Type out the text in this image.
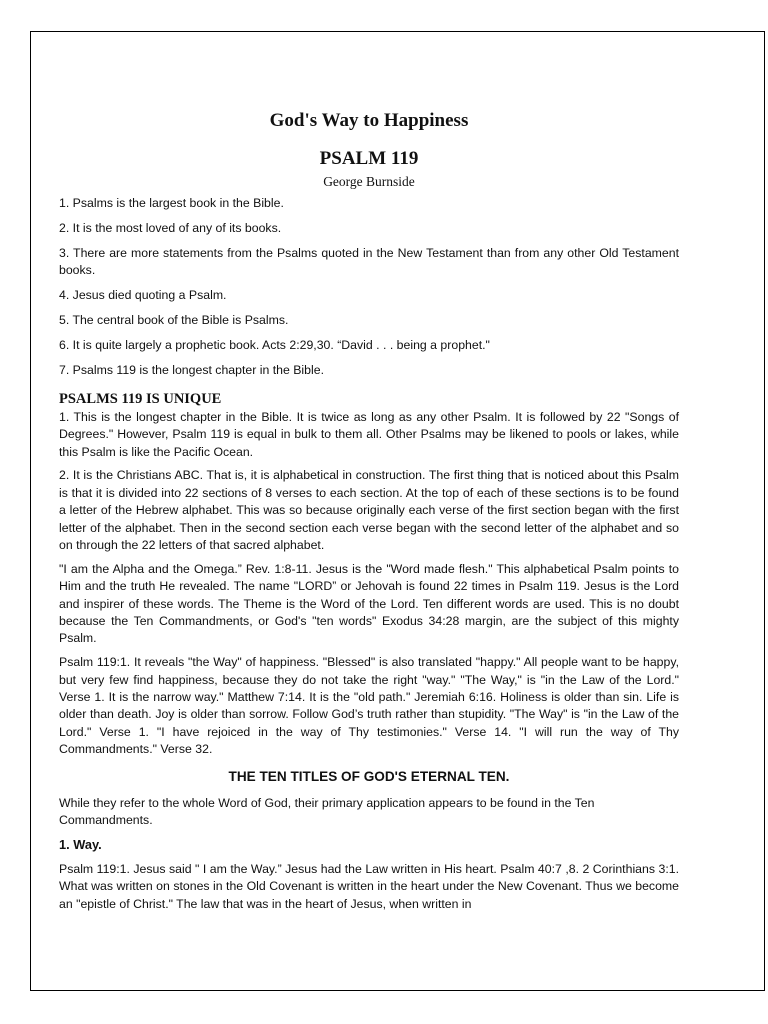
God's Way to Happiness
PSALM 119
George Burnside
1. Psalms is the largest book in the Bible.
2. It is the most loved of any of its books.
3. There are more statements from the Psalms quoted in the New Testament than from any other Old Testament books.
4. Jesus died quoting a Psalm.
5. The central book of the Bible is Psalms.
6. It is quite largely a prophetic book. Acts 2:29,30. “David . . . being a prophet."
7. Psalms 119 is the longest chapter in the Bible.
PSALMS 119 IS UNIQUE
1. This is the longest chapter in the Bible. It is twice as long as any other Psalm. It is followed by 22 "Songs of Degrees." However, Psalm 119 is equal in bulk to them all. Other Psalms may be likened to pools or lakes, while this Psalm is like the Pacific Ocean.
2. It is the Christians ABC. That is, it is alphabetical in construction. The first thing that is noticed about this Psalm is that it is divided into 22 sections of 8 verses to each section. At the top of each of these sections is to be found a letter of the Hebrew alphabet. This was so because originally each verse of the first section began with the first letter of the alphabet. Then in the second section each verse began with the second letter of the alphabet and so on through the 22 letters of that sacred alphabet.
"I am the Alpha and the Omega.” Rev. 1:8-11. Jesus is the "Word made flesh." This alphabetical Psalm points to Him and the truth He revealed. The name "LORD” or Jehovah is found 22 times in Psalm 119. Jesus is the Lord and inspirer of these words. The Theme is the Word of the Lord. Ten different words are used. This is no doubt because the Ten Commandments, or God's "ten words" Exodus 34:28 margin, are the subject of this mighty Psalm.
Psalm 119:1. It reveals "the Way" of happiness. "Blessed" is also translated "happy." All people want to be happy, but very few find happiness, because they do not take the right "way." "The Way," is "in the Law of the Lord." Verse 1. It is the narrow way." Matthew 7:14. It is the "old path." Jeremiah 6:16. Holiness is older than sin. Life is older than death. Joy is older than sorrow. Follow God’s truth rather than stupidity. "The Way" is "in the Law of the Lord." Verse 1. "I have rejoiced in the way of Thy testimonies." Verse 14. "I will run the way of Thy Commandments." Verse 32.
THE TEN TITLES OF GOD'S ETERNAL TEN.
While they refer to the whole Word of God, their primary application appears to be found in the Ten Commandments.
1. Way.
Psalm 119:1. Jesus said " I am the Way.” Jesus had the Law written in His heart. Psalm 40:7 ,8. 2 Corinthians 3:1. What was written on stones in the Old Covenant is written in the heart under the New Covenant. Thus we become an "epistle of Christ." The law that was in the heart of Jesus, when written in
